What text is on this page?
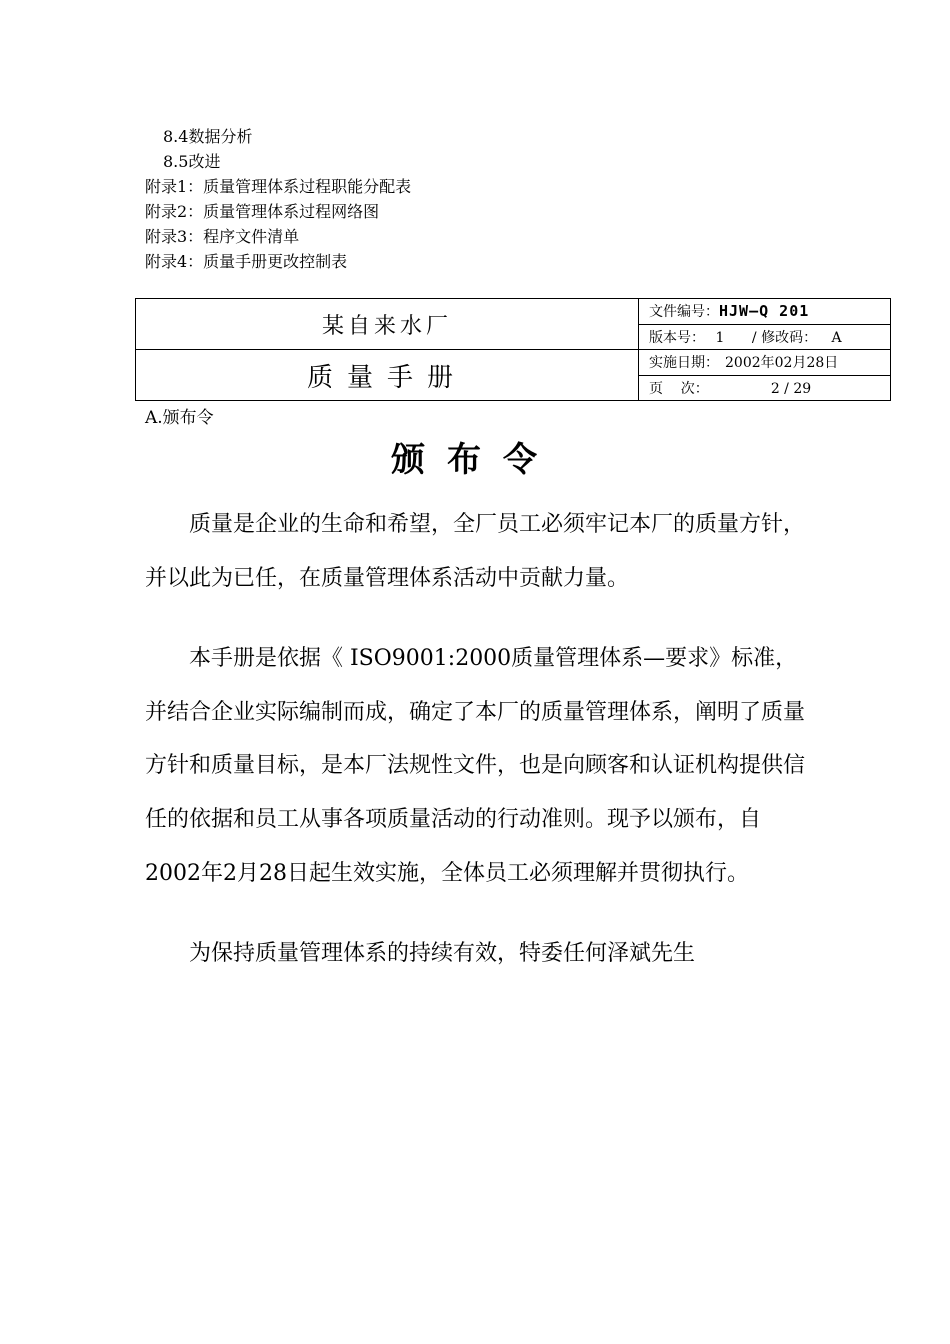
8.4数据分析
8.5改进
附录1：质量管理体系过程职能分配表
附录2：质量管理体系过程网络图
附录3：程序文件清单
附录4：质量手册更改控制表
某自来水厂	文件编号：HJW—Q 201
	版本号： 1 / 修改码： A
质量手册	实施日期： 2002年02月28日
	页    次： 2 / 29
A.颁布令
颁布令

质量是企业的生命和希望，全厂员工必须牢记本厂的质量方针，并以此为已任，在质量管理体系活动中贡献力量。

本手册是依据《 ISO9001:2000质量管理体系—要求》标准，并结合企业实际编制而成，确定了本厂的质量管理体系，阐明了质量方针和质量目标，是本厂法规性文件，也是向顾客和认证机构提供信任的依据和员工从事各项质量活动的行动准则。现予以颁布，自2002年2月28日起生效实施，全体员工必须理解并贯彻执行。

为保持质量管理体系的持续有效，特委任何泽斌先生
